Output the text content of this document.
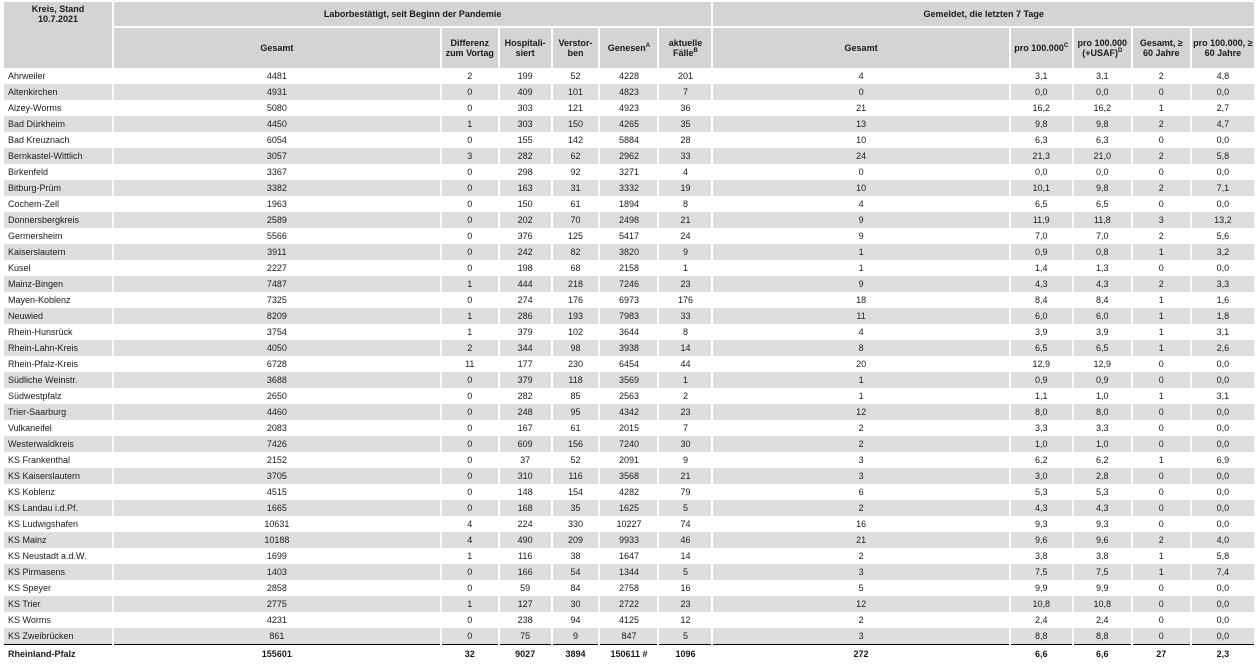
Kreis, Stand
10.7.2021	Laborbestätigt, seit Beginn der Pandemie						Gemeldet, die letzten 7 Tage				
	Gesamt	Differenz zum Vortag	Hospitali-siert	Verstor-ben	Genesen$^A$	aktuelle Fälle$^B$	Gesamt	pro $100.000^C$	pro 100.000 (+USAF)$^D$	Gesamt, ≥ 60 Jahre	pro 100.000, ≥ 60 Jahre
Ahrweiler	4481	2	199	52	4228	201	4	3,1	3,1	2	4,8
Altenkirchen	4931	0	409	101	4823	7	0	0,0	0,0	0	0,0
Alzey-Worms	5080	0	303	121	4923	36	21	16,2	16,2	1	2,7
Bad Dürkheim	4450	1	303	150	4265	35	13	9,8	9,8	2	4,7
Bad Kreuznach	6054	0	155	142	5884	28	10	6,3	6,3	0	0,0
Bernkastel-Wittlich	3057	3	282	62	2962	33	24	21,3	21,0	2	5,8
Birkenfeld	3367	0	298	92	3271	4	0	0,0	0,0	0	0,0
Bitburg-Prüm	3382	0	163	31	3332	19	10	10,1	9,8	2	7,1
Cochem-Zell	1963	0	150	61	1894	8	4	6,5	6,5	0	0,0
Donnersbergkreis	2589	0	202	70	2498	21	9	11,9	11,8	3	13,2
Germersheim	5566	0	376	125	5417	24	9	7,0	7,0	2	5,6
Kaiserslautern	3911	0	242	82	3820	9	1	0,9	0,8	1	3,2
Kusel	2227	0	198	68	2158	1	1	1,4	1,3	0	0,0
Mainz-Bingen	7487	1	444	218	7246	23	9	4,3	4,3	2	3,3
Mayen-Koblenz	7325	0	274	176	6973	176	18	8,4	8,4	1	1,6
Neuwied	8209	1	286	193	7983	33	11	6,0	6,0	1	1,8
Rhein-Hunsrück	3754	1	379	102	3644	8	4	3,9	3,9	1	3,1
Rhein-Lahn-Kreis	4050	2	344	98	3938	14	8	6,5	6,5	1	2,6
Rhein-Pfalz-Kreis	6728	11	177	230	6454	44	20	12,9	12,9	0	0,0
Südliche Weinstr.	3688	0	379	118	3569	1	1	0,9	0,9	0	0,0
Südwestpfalz	2650	0	282	85	2563	2	1	1,1	1,0	1	3,1
Trier-Saarburg	4460	0	248	95	4342	23	12	8,0	8,0	0	0,0
Vulkaneifel	2083	0	167	61	2015	7	2	3,3	3,3	0	0,0
Westerwaldkreis	7426	0	609	156	7240	30	2	1,0	1,0	0	0,0
KS Frankenthal	2152	0	37	52	2091	9	3	6,2	6,2	1	6,9
KS Kaiserslautern	3705	0	310	116	3568	21	3	3,0	2,8	0	0,0
KS Koblenz	4515	0	148	154	4282	79	6	5,3	5,3	0	0,0
KS Landau i.d.Pf.	1665	0	168	35	1625	5	2	4,3	4,3	0	0,0
KS Ludwigshafen	10631	4	224	330	10227	74	16	9,3	9,3	0	0,0
KS Mainz	10188	4	490	209	9933	46	21	9,6	9,6	2	4,0
KS Neustadt a.d.W.	1699	1	116	38	1647	14	2	3,8	3,8	1	5,8
KS Pirmasens	1403	0	166	54	1344	5	3	7,5	7,5	1	7,4
KS Speyer	2858	0	59	84	2758	16	5	9,9	9,9	0	0,0
KS Trier	2775	1	127	30	2722	23	12	10,8	10,8	0	0,0
KS Worms	4231	0	238	94	4125	12	2	2,4	2,4	0	0,0
KS Zweibrücken	861	0	75	9	847	5	3	8,8	8,8	0	0,0
Rheinland-Pfalz	155601	32	9027	3894	150611 #	1096	272	6,6	6,6	27	2,3
